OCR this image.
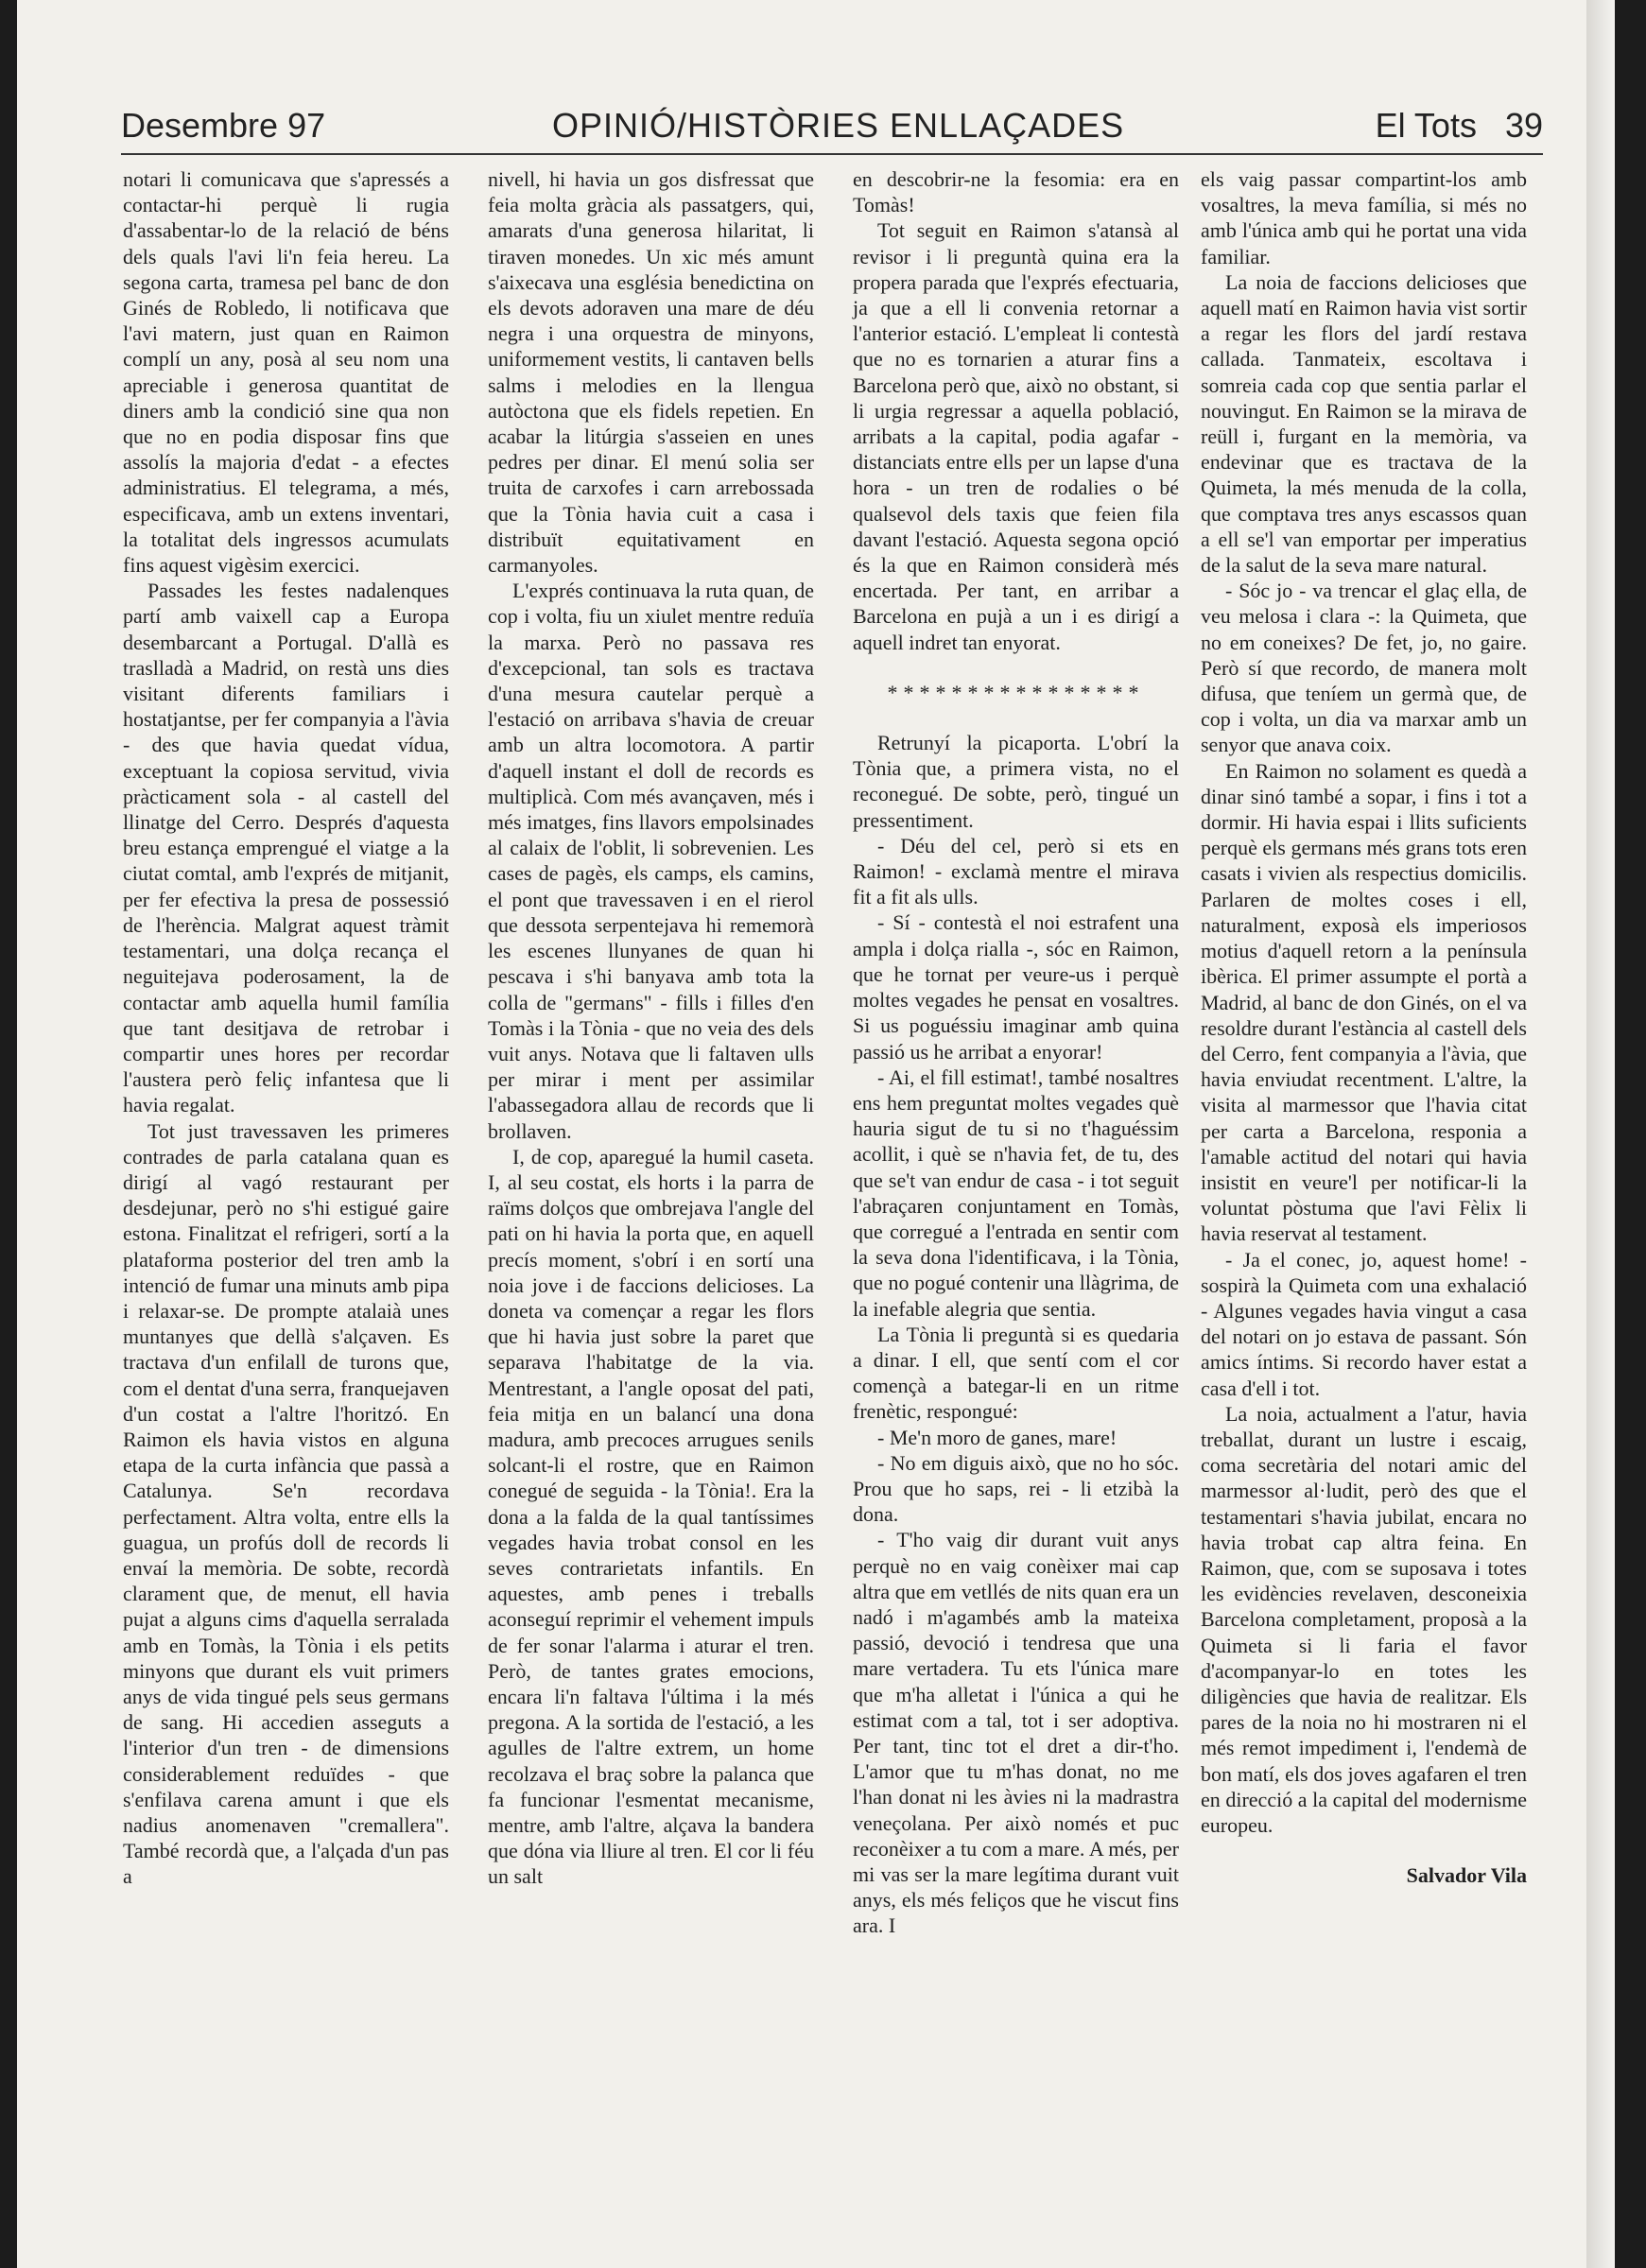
Desembre 97	OPINIÓ/HISTÒRIES ENLLAÇADES	El Tots   39

notari li comunicava que s'apressés a contactar-hi perquè li rugia d'assabentar-lo de la relació de béns dels quals l'avi li'n feia hereu. La segona carta, tramesa pel banc de don Ginés de Robledo, li notificava que l'avi matern, just quan en Raimon complí un any, posà al seu nom una apreciable i generosa quantitat de diners amb la condició sine qua non que no en podia disposar fins que assolís la majoria d'edat - a efectes administratius. El telegrama, a més, especificava, amb un extens inventari, la totalitat dels ingressos acumulats fins aquest vigèsim exercici.

Passades les festes nadalenques partí amb vaixell cap a Europa desembarcant a Portugal. D'allà es traslladà a Madrid, on restà uns dies visitant diferents familiars i hostatjantse, per fer companyia a l'àvia - des que havia quedat vídua, exceptuant la copiosa servitud, vivia pràcticament sola - al castell del llinatge del Cerro. Després d'aquesta breu estança emprengué el viatge a la ciutat comtal, amb l'exprés de mitjanit, per fer efectiva la presa de possessió de l'herència. Malgrat aquest tràmit testamentari, una dolça recança el neguitejava poderosament, la de contactar amb aquella humil família que tant desitjava de retrobar i compartir unes hores per recordar l'austera però feliç infantesa que li havia regalat.

Tot just travessaven les primeres contrades de parla catalana quan es dirigí al vagó restaurant per desdejunar, però no s'hi estigué gaire estona. Finalitzat el refrigeri, sortí a la plataforma posterior del tren amb la intenció de fumar una minuts amb pipa i relaxar-se. De prompte atalaià unes muntanyes que dellà s'alçaven. Es tractava d'un enfilall de turons que, com el dentat d'una serra, franquejaven d'un costat a l'altre l'horitzó. En Raimon els havia vistos en alguna etapa de la curta infància que passà a Catalunya. Se'n recordava perfectament. Altra volta, entre ells la guagua, un profús doll de records li envaí la memòria. De sobte, recordà clarament que, de menut, ell havia pujat a alguns cims d'aquella serralada amb en Tomàs, la Tònia i els petits minyons que durant els vuit primers anys de vida tingué pels seus germans de sang. Hi accedien asseguts a l'interior d'un tren - de dimensions considerablement reduïdes - que s'enfilava carena amunt i que els nadius anomenaven "cremallera". També recordà que, a l'alçada d'un pas a

nivell, hi havia un gos disfressat que feia molta gràcia als passatgers, qui, amarats d'una generosa hilaritat, li tiraven monedes. Un xic més amunt s'aixecava una església benedictina on els devots adoraven una mare de déu negra i una orquestra de minyons, uniformement vestits, li cantaven bells salms i melodies en la llengua autòctona que els fidels repetien. En acabar la litúrgia s'asseien en unes pedres per dinar. El menú solia ser truita de carxofes i carn arrebossada que la Tònia havia cuit a casa i distribuït equitativament en carmanyoles.

L'exprés continuava la ruta quan, de cop i volta, fiu un xiulet mentre reduïa la marxa. Però no passava res d'excepcional, tan sols es tractava d'una mesura cautelar perquè a l'estació on arribava s'havia de creuar amb un altra locomotora. A partir d'aquell instant el doll de records es multiplicà. Com més avançaven, més i més imatges, fins llavors empolsinades al calaix de l'oblit, li sobrevenien. Les cases de pagès, els camps, els camins, el pont que travessaven i en el rierol que dessota serpentejava hi rememorà les escenes llunyanes de quan hi pescava i s'hi banyava amb tota la colla de "germans" - fills i filles d'en Tomàs i la Tònia - que no veia des dels vuit anys. Notava que li faltaven ulls per mirar i ment per assimilar l'abassegadora allau de records que li brollaven.

I, de cop, aparegué la humil caseta. I, al seu costat, els horts i la parra de raïms dolços que ombrejava l'angle del pati on hi havia la porta que, en aquell precís moment, s'obrí i en sortí una noia jove i de faccions delicioses. La doneta va començar a regar les flors que hi havia just sobre la paret que separava l'habitatge de la via. Mentrestant, a l'angle oposat del pati, feia mitja en un balancí una dona madura, amb precoces arrugues senils solcant-li el rostre, que en Raimon conegué de seguida - la Tònia!. Era la dona a la falda de la qual tantíssimes vegades havia trobat consol en les seves contrarietats infantils. En aquestes, amb penes i treballs aconseguí reprimir el vehement impuls de fer sonar l'alarma i aturar el tren. Però, de tantes grates emocions, encara li'n faltava l'última i la més pregona. A la sortida de l'estació, a les agulles de l'altre extrem, un home recolzava el braç sobre la palanca que fa funcionar l'esmentat mecanisme, mentre, amb l'altre, alçava la bandera que dóna via lliure al tren. El cor li féu un salt

en descobrir-ne la fesomia: era en Tomàs!

Tot seguit en Raimon s'atansà al revisor i li preguntà quina era la propera parada que l'exprés efectuaria, ja que a ell li convenia retornar a l'anterior estació. L'empleat li contestà que no es tornarien a aturar fins a Barcelona però que, això no obstant, si li urgia regressar a aquella població, arribats a la capital, podia agafar - distanciats entre ells per un lapse d'una hora - un tren de rodalies o bé qualsevol dels taxis que feien fila davant l'estació. Aquesta segona opció és la que en Raimon considerà més encertada. Per tant, en arribar a Barcelona en pujà a un i es dirigí a aquell indret tan enyorat.

****************

Retrunyí la picaporta. L'obrí la Tònia que, a primera vista, no el reconegué. De sobte, però, tingué un pressentiment.

- Déu del cel, però si ets en Raimon! - exclamà mentre el mirava fit a fit als ulls.

- Sí - contestà el noi estrafent una ampla i dolça rialla -, sóc en Raimon, que he tornat per veure-us i perquè moltes vegades he pensat en vosaltres. Si us poguéssiu imaginar amb quina passió us he arribat a enyorar!

- Ai, el fill estimat!, també nosaltres ens hem preguntat moltes vegades què hauria sigut de tu si no t'haguéssim acollit, i què se n'havia fet, de tu, des que se't van endur de casa - i tot seguit l'abraçaren conjuntament en Tomàs, que corregué a l'entrada en sentir com la seva dona l'identificava, i la Tònia, que no pogué contenir una llàgrima, de la inefable alegria que sentia.

La Tònia li preguntà si es quedaria a dinar. I ell, que sentí com el cor començà a bategar-li en un ritme frenètic, respongué:

- Me'n moro de ganes, mare!

- No em diguis això, que no ho sóc. Prou que ho saps, rei - li etzibà la dona.

- T'ho vaig dir durant vuit anys perquè no en vaig conèixer mai cap altra que em vetllés de nits quan era un nadó i m'agambés amb la mateixa passió, devoció i tendresa que una mare vertadera. Tu ets l'única mare que m'ha alletat i l'única a qui he estimat com a tal, tot i ser adoptiva. Per tant, tinc tot el dret a dir-t'ho. L'amor que tu m'has donat, no me l'han donat ni les àvies ni la madrastra veneçolana. Per això només et puc reconèixer a tu com a mare. A més, per mi vas ser la mare legítima durant vuit anys, els més feliços que he viscut fins ara. I

els vaig passar compartint-los amb vosaltres, la meva família, si més no amb l'única amb qui he portat una vida familiar.

La noia de faccions delicioses que aquell matí en Raimon havia vist sortir a regar les flors del jardí restava callada. Tanmateix, escoltava i somreia cada cop que sentia parlar el nouvingut. En Raimon se la mirava de reüll i, furgant en la memòria, va endevinar que es tractava de la Quimeta, la més menuda de la colla, que comptava tres anys escassos quan a ell se'l van emportar per imperatius de la salut de la seva mare natural.

- Sóc jo - va trencar el glaç ella, de veu melosa i clara -: la Quimeta, que no em coneixes? De fet, jo, no gaire. Però sí que recordo, de manera molt difusa, que teníem un germà que, de cop i volta, un dia va marxar amb un senyor que anava coix.

En Raimon no solament es quedà a dinar sinó també a sopar, i fins i tot a dormir. Hi havia espai i llits suficients perquè els germans més grans tots eren casats i vivien als respectius domicilis. Parlaren de moltes coses i ell, naturalment, exposà els imperiosos motius d'aquell retorn a la península ibèrica. El primer assumpte el portà a Madrid, al banc de don Ginés, on el va resoldre durant l'estància al castell dels del Cerro, fent companyia a l'àvia, que havia enviudat recentment. L'altre, la visita al marmessor que l'havia citat per carta a Barcelona, responia a l'amable actitud del notari qui havia insistit en veure'l per notificar-li la voluntat pòstuma que l'avi Fèlix li havia reservat al testament.

- Ja el conec, jo, aquest home! - sospirà la Quimeta com una exhalació - Algunes vegades havia vingut a casa del notari on jo estava de passant. Són amics íntims. Si recordo haver estat a casa d'ell i tot.

La noia, actualment a l'atur, havia treballat, durant un lustre i escaig, coma secretària del notari amic del marmessor al·ludit, però des que el testamentari s'havia jubilat, encara no havia trobat cap altra feina. En Raimon, que, com se suposava i totes les evidències revelaven, desconeixia Barcelona completament, proposà a la Quimeta si li faria el favor d'acompanyar-lo en totes les diligències que havia de realitzar. Els pares de la noia no hi mostraren ni el més remot impediment i, l'endemà de bon matí, els dos joves agafaren el tren en direcció a la capital del modernisme europeu.

Salvador Vila
